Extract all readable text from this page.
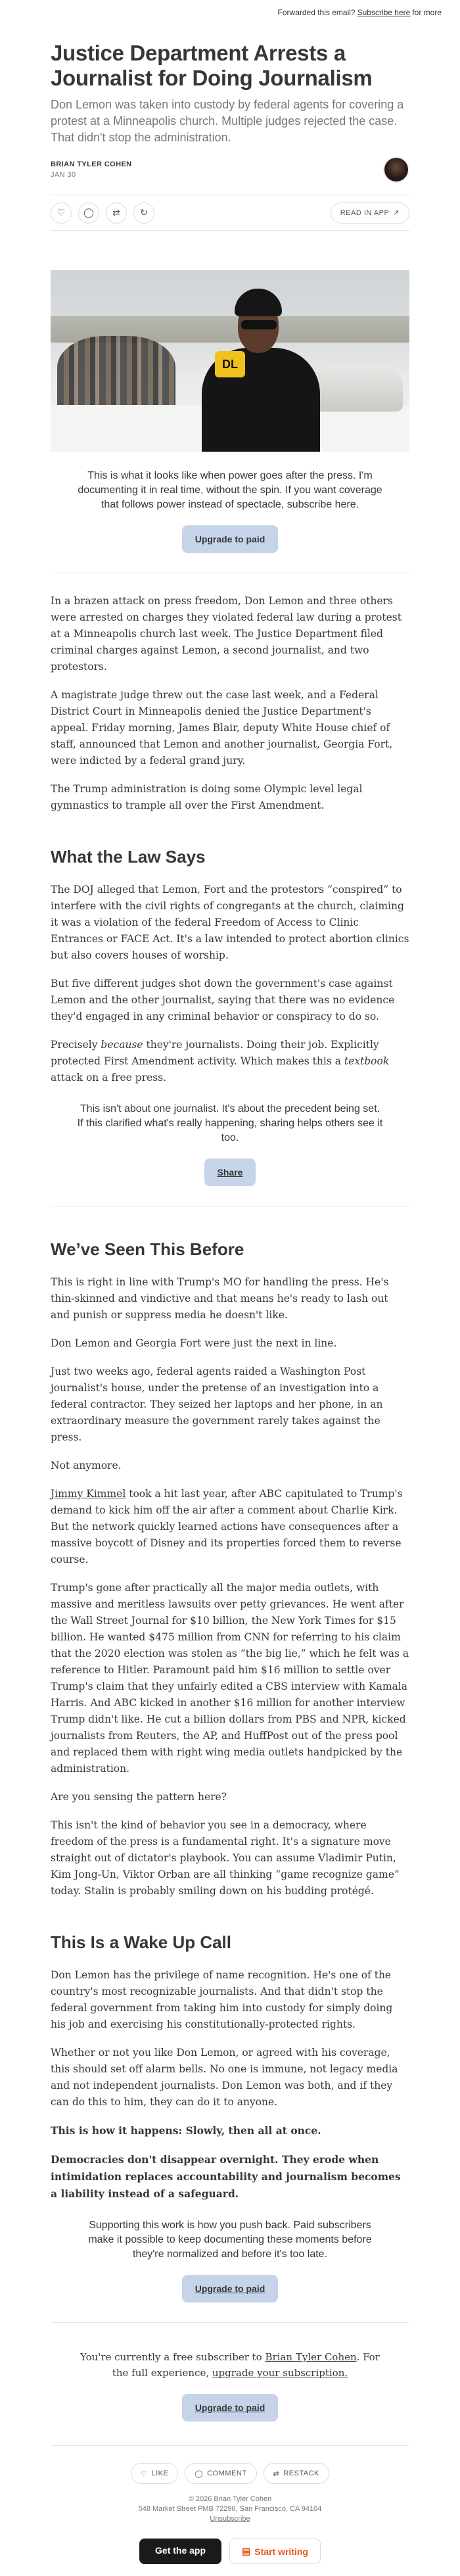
Forwarded this email? Subscribe here for more
Justice Department Arrests a Journalist for Doing Journalism
Don Lemon was taken into custody by federal agents for covering a protest at a Minneapolis church. Multiple judges rejected the case. That didn't stop the administration.
BRIAN TYLER COHEN
JAN 30
♡ ◯ ⇄ ↻	READ IN APP ↗
DL

This is what it looks like when power goes after the press. I'm documenting it in real time, without the spin. If you want coverage that follows power instead of spectacle, subscribe here.

Upgrade to paid

In a brazen attack on press freedom, Don Lemon and three others were arrested on charges they violated federal law during a protest at a Minneapolis church last week. The Justice Department filed criminal charges against Lemon, a second journalist, and two protestors.

A magistrate judge threw out the case last week, and a Federal District Court in Minneapolis denied the Justice Department's appeal. Friday morning, James Blair, deputy White House chief of staff, announced that Lemon and another journalist, Georgia Fort, were indicted by a federal grand jury.

The Trump administration is doing some Olympic level legal gymnastics to trample all over the First Amendment.

What the Law Says

The DOJ alleged that Lemon, Fort and the protestors “conspired” to interfere with the civil rights of congregants at the church, claiming it was a violation of the federal Freedom of Access to Clinic Entrances or FACE Act. It's a law intended to protect abortion clinics but also covers houses of worship.

But five different judges shot down the government's case against Lemon and the other journalist, saying that there was no evidence they'd engaged in any criminal behavior or conspiracy to do so.

Precisely because they're journalists. Doing their job. Explicitly protected First Amendment activity. Which makes this a textbook attack on a free press.

This isn't about one journalist. It's about the precedent being set. If this clarified what's really happening, sharing helps others see it too.

Share
We’ve Seen This Before

This is right in line with Trump's MO for handling the press. He's thin-skinned and vindictive and that means he's ready to lash out and punish or suppress media he doesn't like.

Don Lemon and Georgia Fort were just the next in line.

Just two weeks ago, federal agents raided a Washington Post journalist's house, under the pretense of an investigation into a federal contractor. They seized her laptops and her phone, in an extraordinary measure the government rarely takes against the press.

Not anymore.

Jimmy Kimmel took a hit last year, after ABC capitulated to Trump's demand to kick him off the air after a comment about Charlie Kirk. But the network quickly learned actions have consequences after a massive boycott of Disney and its properties forced them to reverse course.

Trump's gone after practically all the major media outlets, with massive and meritless lawsuits over petty grievances. He went after the Wall Street Journal for $10 billion, the New York Times for $15 billion. He wanted $475 million from CNN for referring to his claim that the 2020 election was stolen as “the big lie,” which he felt was a reference to Hitler. Paramount paid him $16 million to settle over Trump's claim that they unfairly edited a CBS interview with Kamala Harris. And ABC kicked in another $16 million for another interview Trump didn't like. He cut a billion dollars from PBS and NPR, kicked journalists from Reuters, the AP, and HuffPost out of the press pool and replaced them with right wing media outlets handpicked by the administration.

Are you sensing the pattern here?

This isn't the kind of behavior you see in a democracy, where freedom of the press is a fundamental right. It's a signature move straight out of dictator's playbook. You can assume Vladimir Putin, Kim Jong-Un, Viktor Orban are all thinking “game recognize game” today. Stalin is probably smiling down on his budding protégé.

This Is a Wake Up Call

Don Lemon has the privilege of name recognition. He's one of the country's most recognizable journalists. And that didn't stop the federal government from taking him into custody for simply doing his job and exercising his constitutionally-protected rights.

Whether or not you like Don Lemon, or agreed with his coverage, this should set off alarm bells. No one is immune, not legacy media and not independent journalists. Don Lemon was both, and if they can do this to him, they can do it to anyone.

This is how it happens: Slowly, then all at once.

Democracies don't disappear overnight. They erode when intimidation replaces accountability and journalism becomes a liability instead of a safeguard.

Supporting this work is how you push back. Paid subscribers make it possible to keep documenting these moments before they're normalized and before it's too late.

Upgrade to paid

You're currently a free subscriber to Brian Tyler Cohen. For the full experience, upgrade your subscription.

Upgrade to paid
♡ LIKE	◯ COMMENT	⇄ RESTACK
© 2026 Brian Tyler Cohen
548 Market Street PMB 72296, San Francisco, CA 94104
Unsubscribe
Get the app	▤ Start writing
